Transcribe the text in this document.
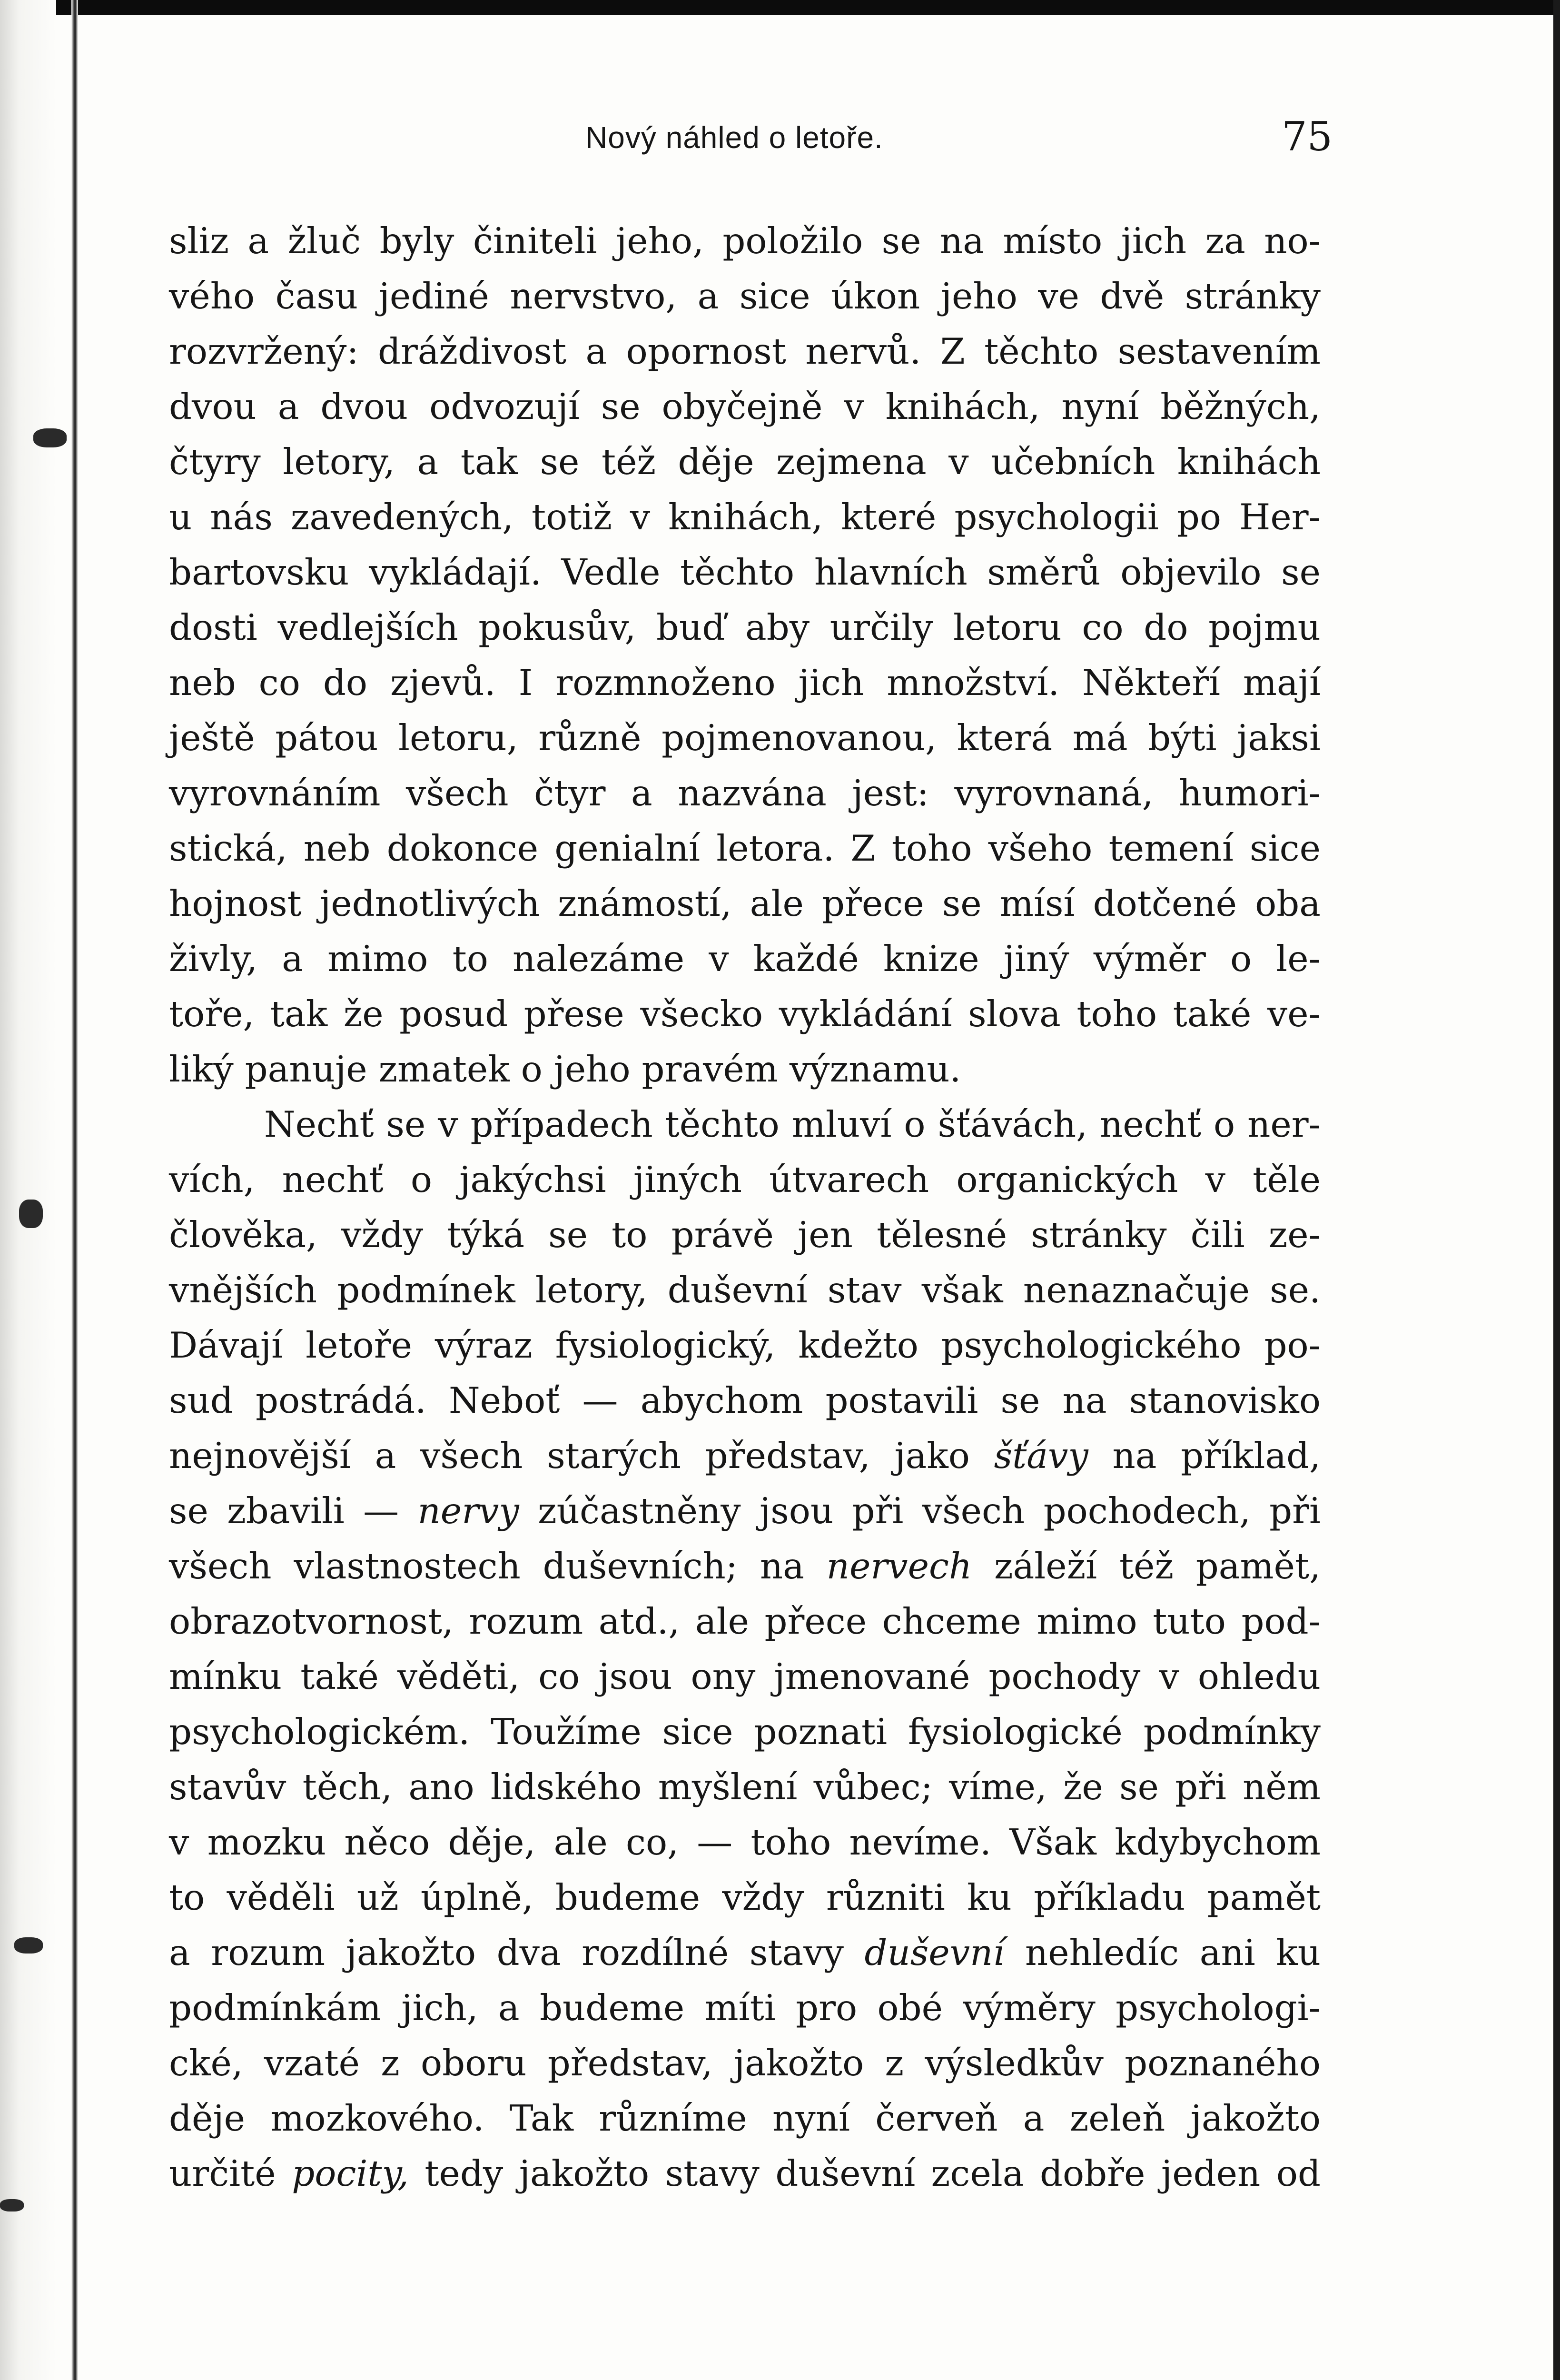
Nový náhled o letoře.	75
sliz a žluč byly činiteli jeho, položilo se na místo jich za no-
vého času jediné nervstvo, a sice úkon jeho ve dvě stránky
rozvržený: dráždivost a opornost nervů. Z těchto sestavením
dvou a dvou odvozují se obyčejně v knihách, nyní běžných,
čtyry letory, a tak se též děje zejmena v učebních knihách
u nás zavedených, totiž v knihách, které psychologii po Her-
bartovsku vykládají. Vedle těchto hlavních směrů objevilo se
dosti vedlejších pokusův, buď aby určily letoru co do pojmu
neb co do zjevů. I rozmnoženo jich množství. Někteří mají
ještě pátou letoru, různě pojmenovanou, která má býti jaksi
vyrovnáním všech čtyr a nazvána jest: vyrovnaná, humori-
stická, neb dokonce genialní letora. Z toho všeho temení sice
hojnost jednotlivých známostí, ale přece se mísí dotčené oba
živly, a mimo to nalezáme v každé knize jiný výměr o le-
toře, tak že posud přese všecko vykládání slova toho také ve-
liký panuje zmatek o jeho pravém významu.
Nechť se v případech těchto mluví o šťávách, nechť o ner-
vích, nechť o jakýchsi jiných útvarech organických v těle
člověka, vždy týká se to právě jen tělesné stránky čili ze-
vnějších podmínek letory, duševní stav však nenaznačuje se.
Dávají letoře výraz fysiologický, kdežto psychologického po-
sud postrádá. Neboť — abychom postavili se na stanovisko
nejnovější a všech starých představ, jako šťávy na příklad,
se zbavili — nervy zúčastněny jsou při všech pochodech, při
všech vlastnostech duševních; na nervech záleží též pamět,
obrazotvornost, rozum atd., ale přece chceme mimo tuto pod-
mínku také věděti, co jsou ony jmenované pochody v ohledu
psychologickém. Toužíme sice poznati fysiologické podmínky
stavův těch, ano lidského myšlení vůbec; víme, že se při něm
v mozku něco děje, ale co, — toho nevíme. Však kdybychom
to věděli už úplně, budeme vždy různiti ku příkladu pamět
a rozum jakožto dva rozdílné stavy duševní nehledíc ani ku
podmínkám jich, a budeme míti pro obé výměry psychologi-
cké, vzaté z oboru představ, jakožto z výsledkův poznaného
děje mozkového. Tak různíme nyní červeň a zeleň jakožto
určité pocity, tedy jakožto stavy duševní zcela dobře jeden od
